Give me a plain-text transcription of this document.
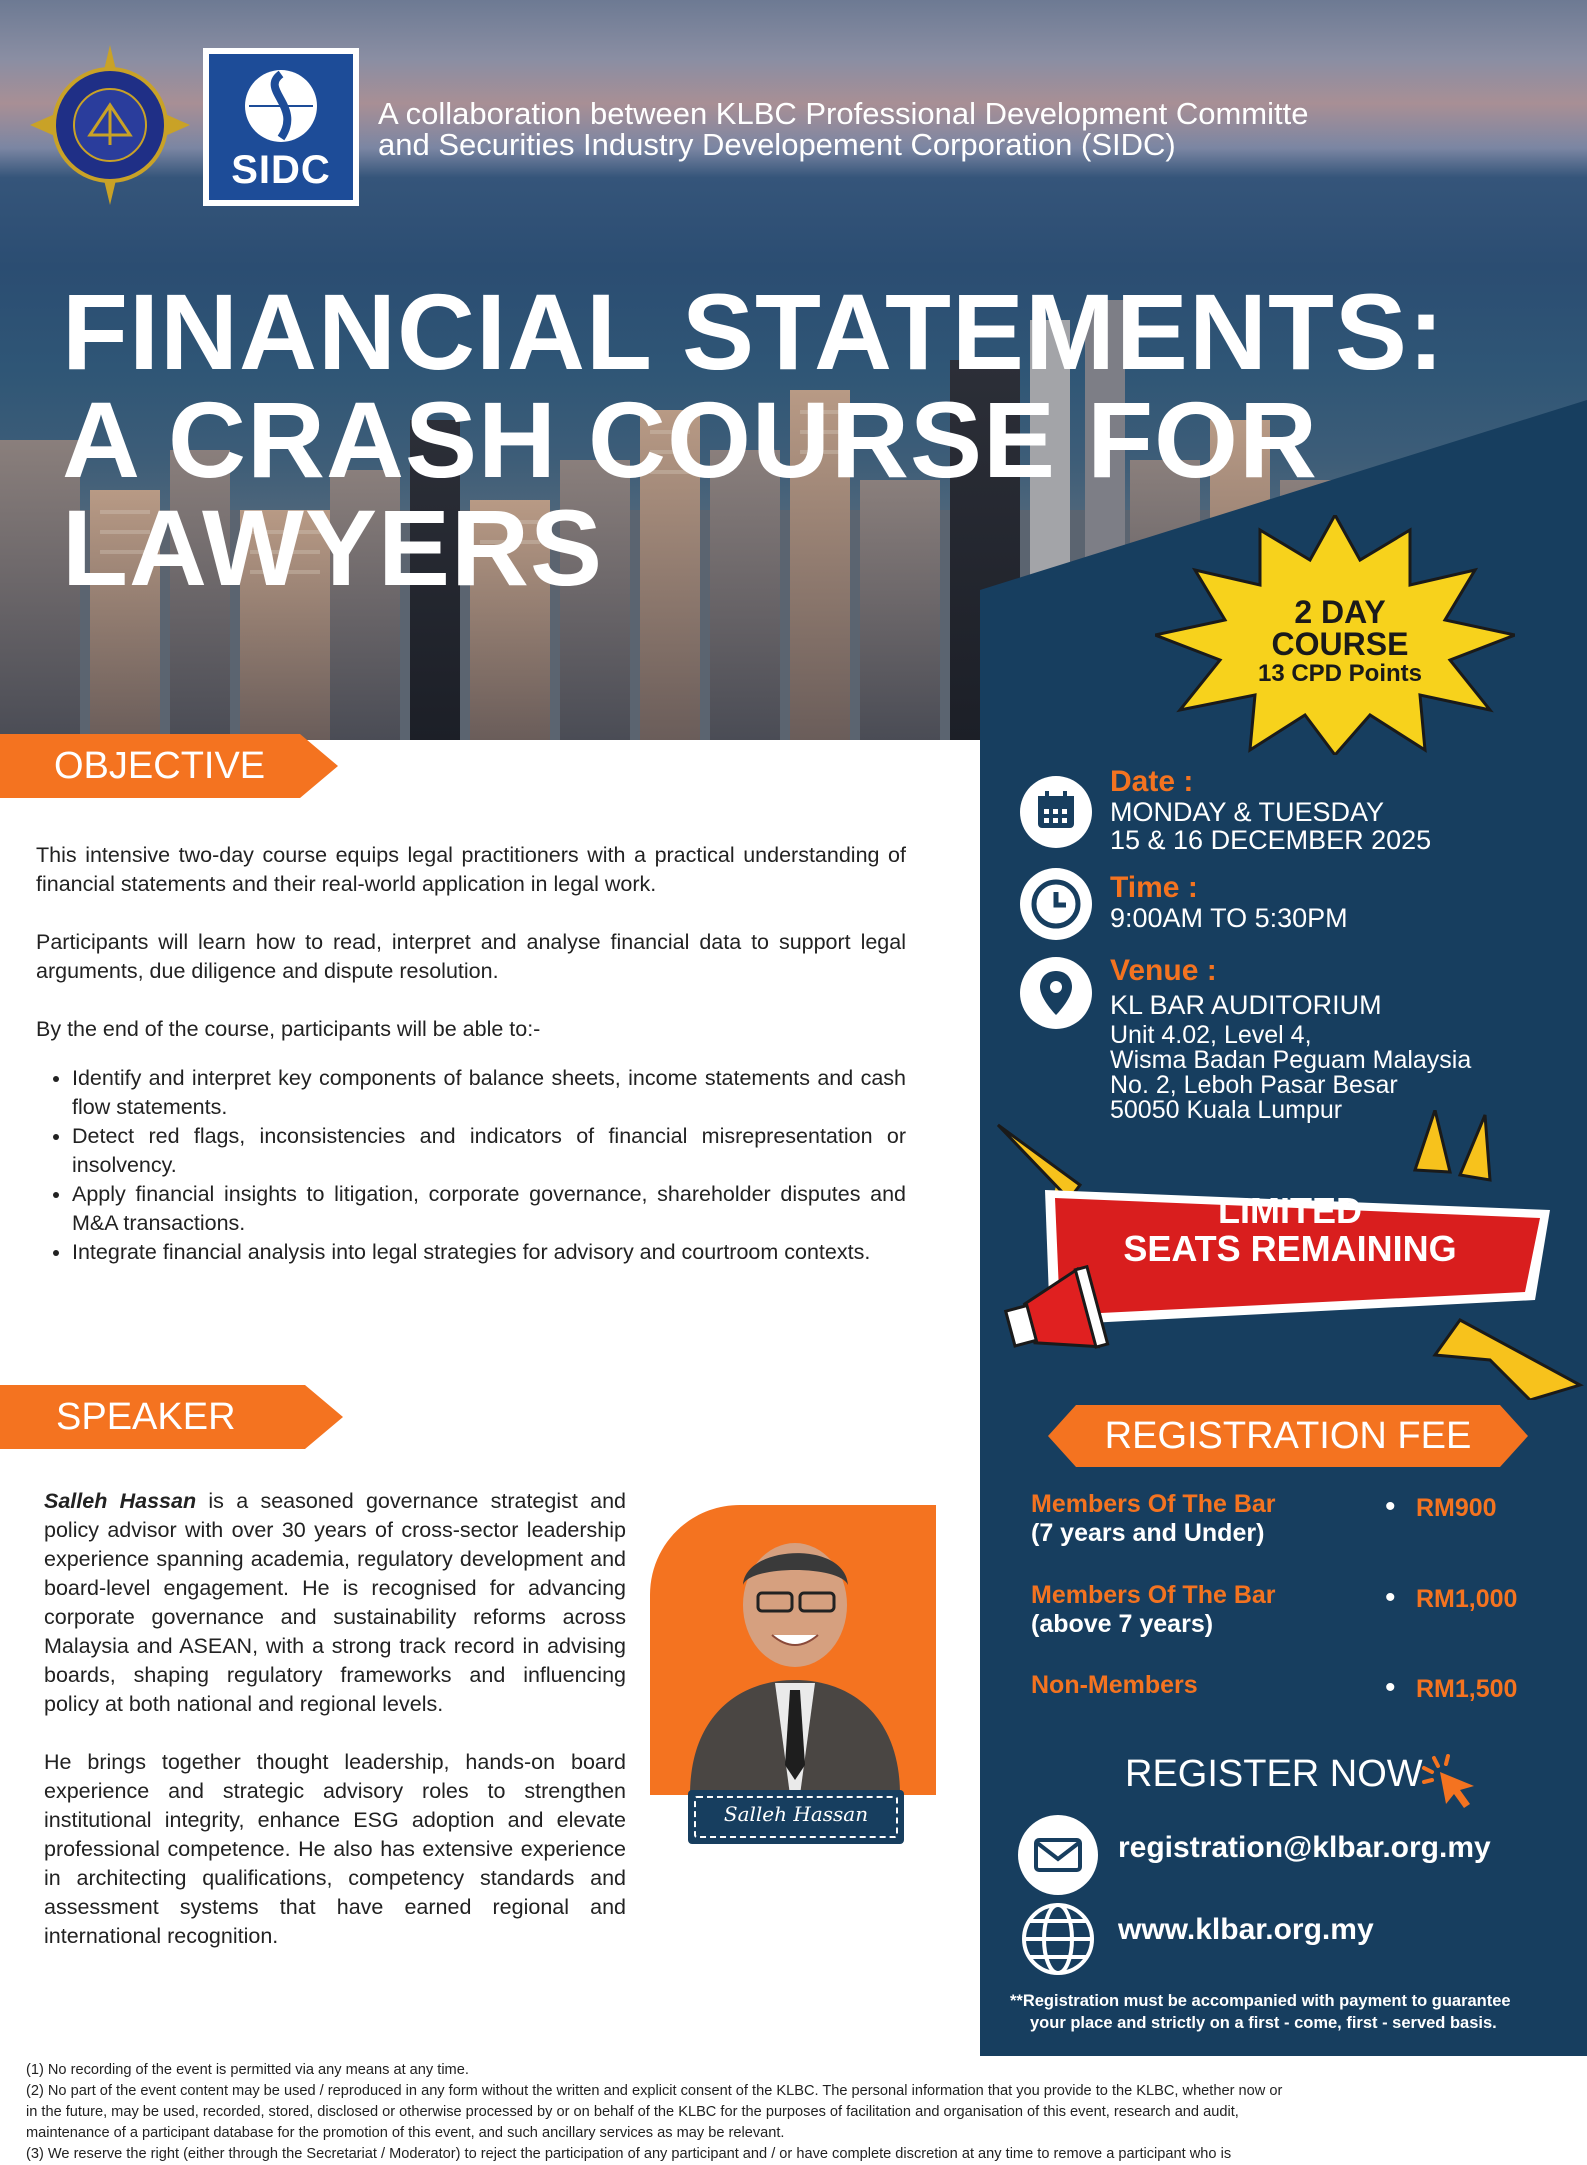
SIDC
A collaboration between KLBC Professional Development Committe
and Securities Industry Developement Corporation (SIDC)
FINANCIAL STATEMENTS:
A CRASH COURSE FOR
LAWYERS
2 DAY
COURSE
13 CPD Points
Date :
MONDAY & TUESDAY
15 & 16 DECEMBER 2025
Time :
9:00AM TO 5:30PM
Venue :
KL BAR AUDITORIUM
Unit 4.02, Level 4,
Wisma Badan Peguam Malaysia
No. 2, Leboh Pasar Besar
50050 Kuala Lumpur
LIMITED
SEATS REMAINING
REGISTRATION FEE
Members Of The Bar
(7 years and Under)
• RM900
Members Of The Bar
(above 7 years)
• RM1,000
Non-Members	• RM1,500
REGISTER NOW
registration@klbar.org.my
www.klbar.org.my
**Registration must be accompanied with payment to guarantee
your place and strictly on a first - come, first - served basis.
OBJECTIVE
This intensive two-day course equips legal practitioners with a practical understanding of financial statements and their real-world application in legal work.
Participants will learn how to read, interpret and analyse financial data to support legal arguments, due diligence and dispute resolution.
By the end of the course, participants will be able to:-
• Identify and interpret key components of balance sheets, income statements and cash flow statements.
• Detect red flags, inconsistencies and indicators of financial misrepresentation or insolvency.
• Apply financial insights to litigation, corporate governance, shareholder disputes and M&A transactions.
• Integrate financial analysis into legal strategies for advisory and courtroom contexts.
SPEAKER
Salleh Hassan is a seasoned governance strategist and policy advisor with over 30 years of cross-sector leadership experience spanning academia, regulatory development and board-level engagement. He is recognised for advancing corporate governance and sustainability reforms across Malaysia and ASEAN, with a strong track record in advising boards, shaping regulatory frameworks and influencing policy at both national and regional levels.
He brings together thought leadership, hands-on board experience and strategic advisory roles to strengthen institutional integrity, enhance ESG adoption and elevate professional competence. He also has extensive experience in architecting qualifications, competency standards and assessment systems that have earned regional and international recognition.
Salleh Hassan
(1) No recording of the event is permitted via any means at any time.
(2) No part of the event content may be used / reproduced in any form without the written and explicit consent of the KLBC. The personal information that you provide to the KLBC, whether now or
in the future, may be used, recorded, stored, disclosed or otherwise processed by or on behalf of the KLBC for the purposes of facilitation and organisation of this event, research and audit,
maintenance of a participant database for the promotion of this event, and such ancillary services as may be relevant.
(3) We reserve the right (either through the Secretariat / Moderator) to reject the participation of any participant and / or have complete discretion at any time to remove a participant who is
